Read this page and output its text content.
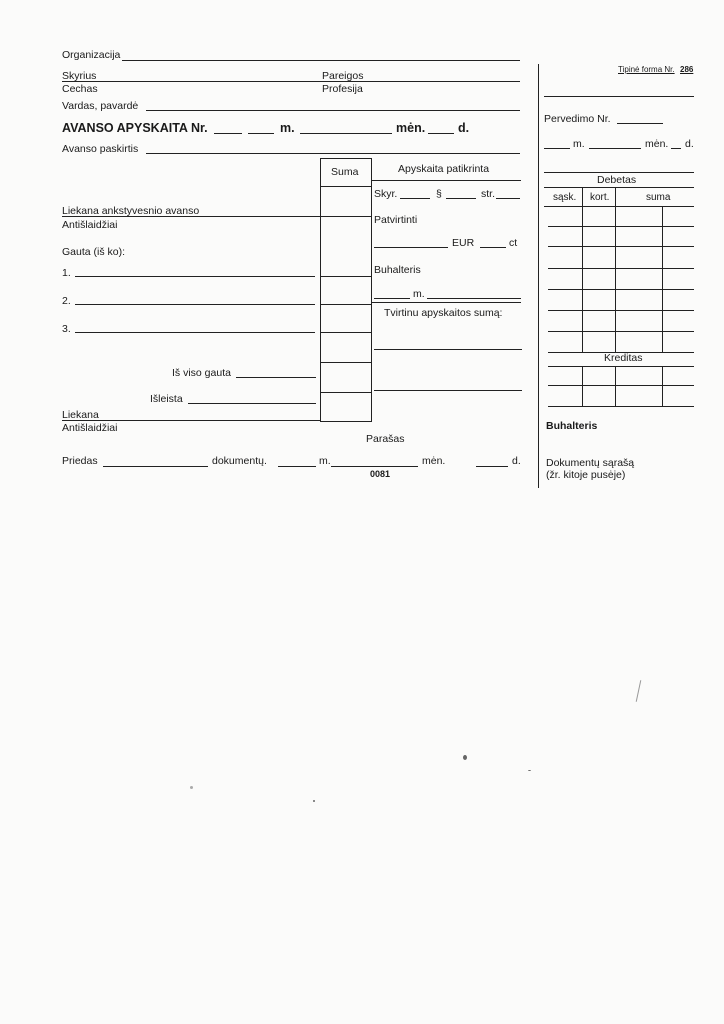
Organizacija
Skyrius	Pareigos
Cechas	Profesija
Vardas, pavardė
AVANSO APYSKAITA Nr.	m.	mėn.	d.
Avanso paskirtis
Liekana ankstyvesnio avanso
Antišlaidžiai
Gauta (iš ko):
1.
2.
3.
Iš viso gauta
Išleista
Liekana
Antišlaidžiai
Suma	Apyskaita patikrinta
Skyr.	§	str.
Patvirtinti
EUR	ct
Buhalteris
m.
Tvirtinu apyskaitos sumą:
Parašas
Priedas	dokumentų.	m.	mėn.	d.
0081
Tipinė forma Nr. 286
Pervedimo Nr.
m.	mėn. d.
Debetas
sąsk. kort.	suma
Kreditas
Buhalteris
Dokumentų sąrašą
(žr. kitoje pusėje)
